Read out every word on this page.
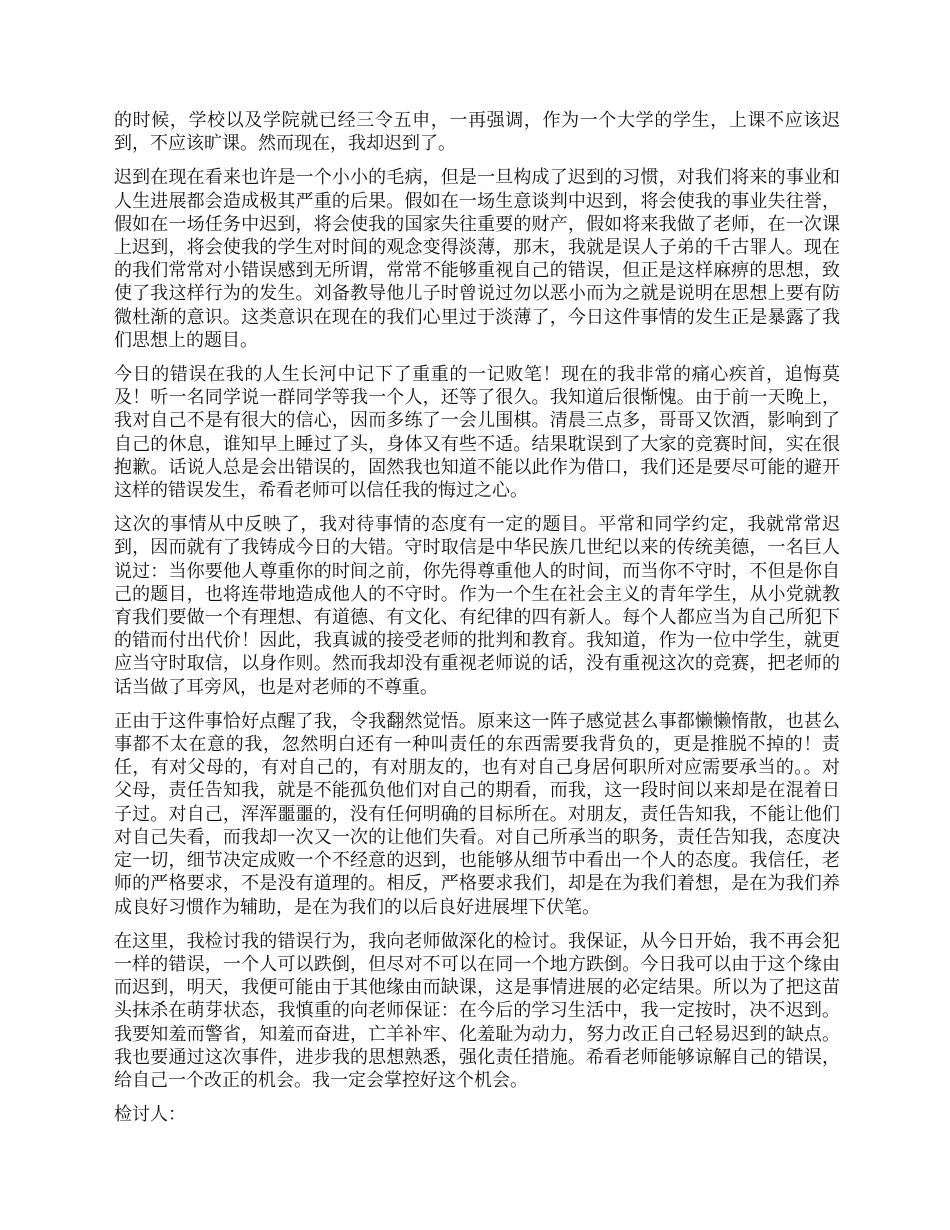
的时候，学校以及学院就已经三令五申，一再强调，作为一个大学的学生，上课不应该迟到，不应该旷课。然而现在，我却迟到了。

迟到在现在看来也许是一个小小的毛病，但是一旦构成了迟到的习惯，对我们将来的事业和人生进展都会造成极其严重的后果。假如在一场生意谈判中迟到，将会使我的事业失往誉，假如在一场任务中迟到，将会使我的国家失往重要的财产，假如将来我做了老师，在一次课上迟到，将会使我的学生对时间的观念变得淡薄，那末，我就是误人子弟的千古罪人。现在的我们常常对小错误感到无所谓，常常不能够重视自己的错误，但正是这样麻痹的思想，致使了我这样行为的发生。刘备教导他儿子时曾说过勿以恶小而为之就是说明在思想上要有防微杜渐的意识。这类意识在现在的我们心里过于淡薄了，今日这件事情的发生正是暴露了我们思想上的题目。

今日的错误在我的人生长河中记下了重重的一记败笔！现在的我非常的痛心疾首，追悔莫及！听一名同学说一群同学等我一个人，还等了很久。我知道后很惭愧。由于前一天晚上，我对自己不是有很大的信心，因而多练了一会儿围棋。清晨三点多，哥哥又饮酒，影响到了自己的休息，谁知早上睡过了头，身体又有些不适。结果耽误到了大家的竞赛时间，实在很抱歉。话说人总是会出错误的，固然我也知道不能以此作为借口，我们还是要尽可能的避开这样的错误发生，希看老师可以信任我的悔过之心。

这次的事情从中反映了，我对待事情的态度有一定的题目。平常和同学约定，我就常常迟到，因而就有了我铸成今日的大错。守时取信是中华民族几世纪以来的传统美德，一名巨人说过：当你要他人尊重你的时间之前，你先得尊重他人的时间，而当你不守时，不但是你自己的题目，也将连带地造成他人的不守时。作为一个生在社会主义的青年学生，从小党就教育我们要做一个有理想、有道德、有文化、有纪律的四有新人。每个人都应当为自己所犯下的错而付出代价！因此，我真诚的接受老师的批判和教育。我知道，作为一位中学生，就更应当守时取信，以身作则。然而我却没有重视老师说的话，没有重视这次的竞赛，把老师的话当做了耳旁风，也是对老师的不尊重。

正由于这件事恰好点醒了我，令我翻然觉悟。原来这一阵子感觉甚么事都懒懒惰散，也甚么事都不太在意的我，忽然明白还有一种叫责任的东西需要我背负的，更是推脱不掉的！责任，有对父母的，有对自己的，有对朋友的，也有对自己身居何职所对应需要承当的。。对父母，责任告知我，就是不能孤负他们对自己的期看，而我，这一段时间以来却是在混着日子过。对自己，浑浑噩噩的，没有任何明确的目标所在。对朋友，责任告知我，不能让他们对自己失看，而我却一次又一次的让他们失看。对自己所承当的职务，责任告知我，态度决定一切，细节决定成败一个不经意的迟到，也能够从细节中看出一个人的态度。我信任，老师的严格要求，不是没有道理的。相反，严格要求我们，却是在为我们着想，是在为我们养成良好习惯作为辅助，是在为我们的以后良好进展埋下伏笔。

在这里，我检讨我的错误行为，我向老师做深化的检讨。我保证，从今日开始，我不再会犯一样的错误，一个人可以跌倒，但尽对不可以在同一个地方跌倒。今日我可以由于这个缘由而迟到，明天，我便可能由于其他缘由而缺课，这是事情进展的必定结果。所以为了把这苗头抹杀在萌芽状态，我慎重的向老师保证：在今后的学习生活中，我一定按时，决不迟到。我要知羞而警省，知羞而奋进，亡羊补牢、化羞耻为动力，努力改正自己轻易迟到的缺点。我也要通过这次事件，进步我的思想熟悉，强化责任措施。希看老师能够谅解自己的错误，给自己一个改正的机会。我一定会掌控好这个机会。

检讨人：
